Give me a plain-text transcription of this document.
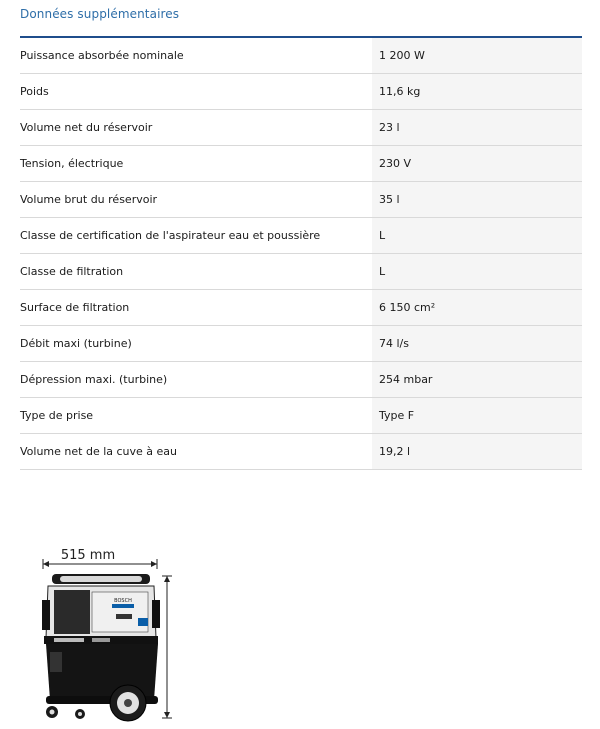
Données supplémentaires
Puissance absorbée nominale	1 200 W
Poids	11,6 kg
Volume net du réservoir	23 l
Tension, électrique	230 V
Volume brut du réservoir	35 l
Classe de certification de l'aspirateur eau et poussière	L
Classe de filtration	L
Surface de filtration	6 150 cm²
Débit maxi (turbine)	74 l/s
Dépression maxi. (turbine)	254 mbar
Type de prise	Type F
Volume net de la cuve à eau	19,2 l
515 mm
BOSCH
